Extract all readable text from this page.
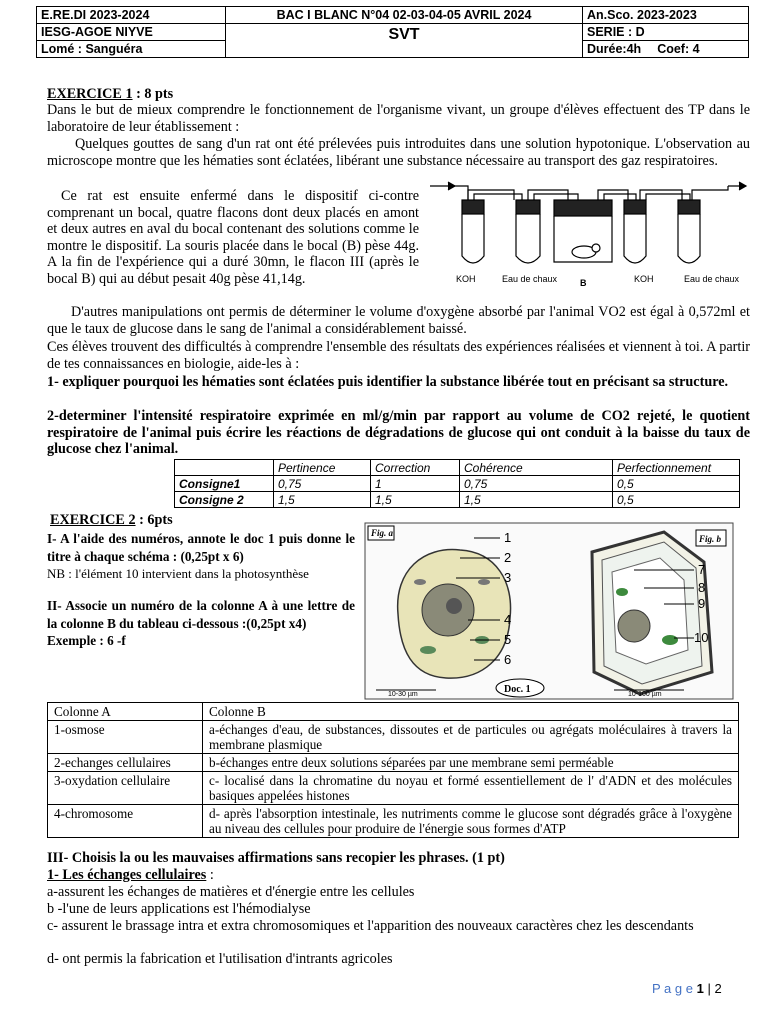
E.RE.DI 2023-2024	BAC I BLANC N°04 02-03-04-05 AVRIL 2024	An.Sco. 2023-2023
IESG-AGOE NIYVE	SVT	SERIE : D
Lomé : Sanguéra		Durée:4h Coef: 4
EXERCICE 1 : 8 pts
Dans le but de mieux comprendre le fonctionnement de l'organisme vivant, un groupe d'élèves effectuent des TP dans le laboratoire de leur établissement :
Quelques gouttes de sang d'un rat ont été prélevées puis introduites dans une solution hypotonique. L'observation au microscope montre que les hématies sont éclatées, libérant une substance nécessaire au transport des gaz respiratoires.
Ce rat est ensuite enfermé dans le dispositif ci-contre comprenant un bocal, quatre flacons dont deux placés en amont et deux autres en aval du bocal contenant des solutions comme le montre le dispositif. La souris placée dans le bocal (B) pèse 44g. A la fin de l'expérience qui a duré 30mn, le flacon III (après le bocal B) qui au début pesait 40g pèse 41,14g.	KOH	Eau de chaux	B	KOH	Eau de chaux
D'autres manipulations ont permis de déterminer le volume d'oxygène absorbé par l'animal VO2 est égal à 0,572ml et que le taux de glucose dans le sang de l'animal a considérablement baissé.
Ces élèves trouvent des difficultés à comprendre l'ensemble des résultats des expériences réalisées et viennent à toi. A partir de tes connaissances en biologie, aide-les à :
1- expliquer pourquoi les hématies sont éclatées puis identifier la substance libérée tout en précisant sa structure.
2-determiner l'intensité respiratoire exprimée en ml/g/min par rapport au volume de CO2 rejeté, le quotient respiratoire de l'animal puis écrire les réactions de dégradations de glucose qui ont conduit à la baisse du taux de glucose chez l'animal.
	Pertinence	Correction	Cohérence	Perfectionnement
Consigne1	0,75	1	0,75	0,5
Consigne 2	1,5	1,5	1,5	0,5
EXERCICE 2 : 6pts
I- A l'aide des numéros, annote le doc 1 puis donne le titre à chaque schéma : (0,25pt x 6)
NB : l'élément 10 intervient dans la photosynthèse
II- Associe un numéro de la colonne A à une lettre de la colonne B du tableau ci-dessous :(0,25pt x4)
Exemple : 6 -f
1
2
3
4
5
6
7
8
9
10
Fig. a
Fig. b
10-30 µm	10-100 µm
Doc. 1
Colonne A	Colonne B
1-osmose	a-échanges d'eau, de substances, dissoutes et de particules ou agrégats moléculaires à travers la membrane plasmique
2-echanges cellulaires	b-échanges entre deux solutions séparées par une membrane semi perméable
3-oxydation cellulaire	c- localisé dans la chromatine du noyau et formé essentiellement de l' d'ADN et des molécules basiques appelées histones
4-chromosome	d- après l'absorption intestinale, les nutriments comme le glucose sont dégradés grâce à l'oxygène au niveau des cellules pour produire de l'énergie sous formes d'ATP
III- Choisis la ou les mauvaises affirmations sans recopier les phrases. (1 pt)
1- Les échanges cellulaires :
a-assurent les échanges de matières et d'énergie entre les cellules
b -l'une de leurs applications est l'hémodialyse
c- assurent le brassage intra et extra chromosomiques et l'apparition des nouveaux caractères chez les descendants
d- ont permis la fabrication et l'utilisation d'intrants agricoles
P a g e 1 | 2
